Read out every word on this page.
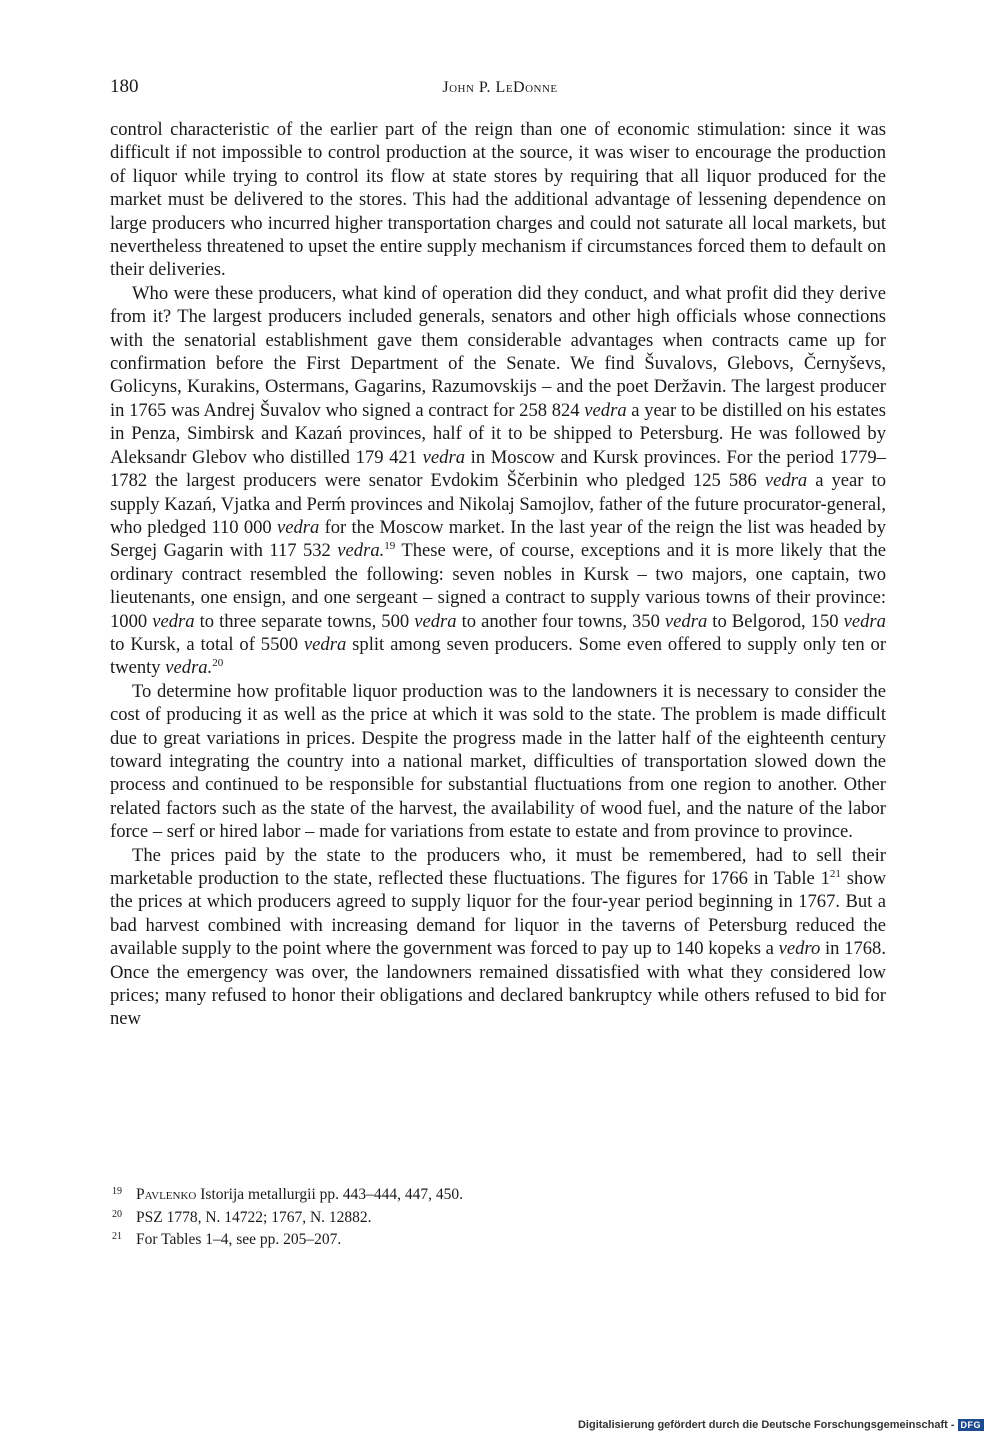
180	John P. LeDonne

control characteristic of the earlier part of the reign than one of economic stimulation: since it was difficult if not impossible to control production at the source, it was wiser to encourage the production of liquor while trying to control its flow at state stores by requiring that all liquor produced for the market must be delivered to the stores. This had the additional advantage of lessening dependence on large producers who incurred higher transportation charges and could not saturate all local markets, but nevertheless threatened to upset the entire supply mechanism if circumstances forced them to default on their deliveries.

Who were these producers, what kind of operation did they conduct, and what profit did they derive from it? The largest producers included generals, senators and other high officials whose connections with the senatorial establishment gave them considerable advantages when contracts came up for confirmation before the First Department of the Senate. We find Šuvalovs, Glebovs, Černyševs, Golicyns, Kurakins, Ostermans, Gagarins, Razumovskijs – and the poet Deržavin. The largest producer in 1765 was Andrej Šuvalov who signed a contract for 258 824 vedra a year to be distilled on his estates in Penza, Simbirsk and Kazań provinces, half of it to be shipped to Petersburg. He was followed by Aleksandr Glebov who distilled 179 421 vedra in Moscow and Kursk provinces. For the period 1779–1782 the largest producers were senator Evdokim Ščerbinin who pledged 125 586 vedra a year to supply Kazań, Vjatka and Perḿ provinces and Nikolaj Samojlov, father of the future procurator-general, who pledged 110 000 vedra for the Moscow market. In the last year of the reign the list was headed by Sergej Gagarin with 117 532 vedra.$^{19}$ These were, of course, exceptions and it is more likely that the ordinary contract resembled the following: seven nobles in Kursk – two majors, one captain, two lieutenants, one ensign, and one sergeant – signed a contract to supply various towns of their province: 1000 vedra to three separate towns, 500 vedra to another four towns, 350 vedra to Belgorod, 150 vedra to Kursk, a total of 5500 vedra split among seven producers. Some even offered to supply only ten or twenty vedra.$^{20}$

To determine how profitable liquor production was to the landowners it is necessary to consider the cost of producing it as well as the price at which it was sold to the state. The problem is made difficult due to great variations in prices. Despite the progress made in the latter half of the eighteenth century toward integrating the country into a national market, difficulties of transportation slowed down the process and continued to be responsible for substantial fluctuations from one region to another. Other related factors such as the state of the harvest, the availability of wood fuel, and the nature of the labor force – serf or hired labor – made for variations from estate to estate and from province to province.

The prices paid by the state to the producers who, it must be remembered, had to sell their marketable production to the state, reflected these fluctuations. The figures for 1766 in Table $1^{21}$ show the prices at which producers agreed to supply liquor for the four-year period beginning in 1767. But a bad harvest combined with increasing demand for liquor in the taverns of Petersburg reduced the available supply to the point where the government was forced to pay up to 140 kopeks a vedro in 1768. Once the emergency was over, the landowners remained dissatisfied with what they considered low prices; many refused to honor their obligations and declared bankruptcy while others refused to bid for new

19 Pavlenko Istorija metallurgii pp. 443–444, 447, 450.
20 PSZ 1778, N. 14722; 1767, N. 12882.
21 For Tables 1–4, see pp. 205–207.
Digitalisierung gefördert durch die Deutsche Forschungsgemeinschaft - DFG
